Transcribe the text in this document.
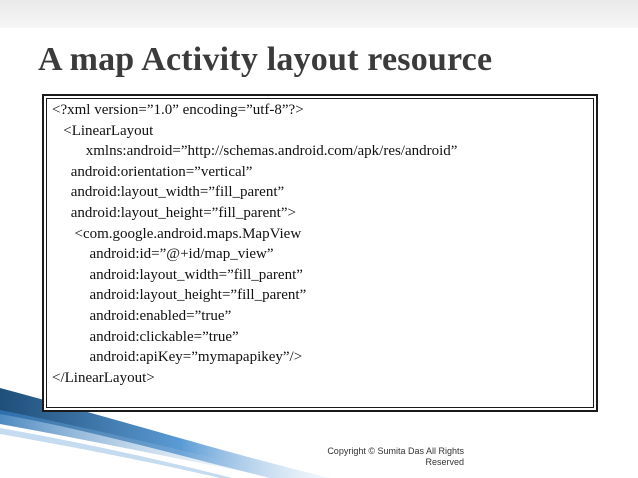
A map Activity layout resource
<?xml version=”1.0” encoding=”utf-8”?>
<LinearLayout
xmlns:android=”http://schemas.android.com/apk/res/android”
android:orientation=”vertical”
android:layout_width=”fill_parent”
android:layout_height=”fill_parent”>
<com.google.android.maps.MapView
android:id=”@+id/map_view”
android:layout_width=”fill_parent”
android:layout_height=”fill_parent”
android:enabled=”true”
android:clickable=”true”
android:apiKey=”mymapapikey”/>
</LinearLayout>
Copyright © Sumita Das All Rights
Reserved
